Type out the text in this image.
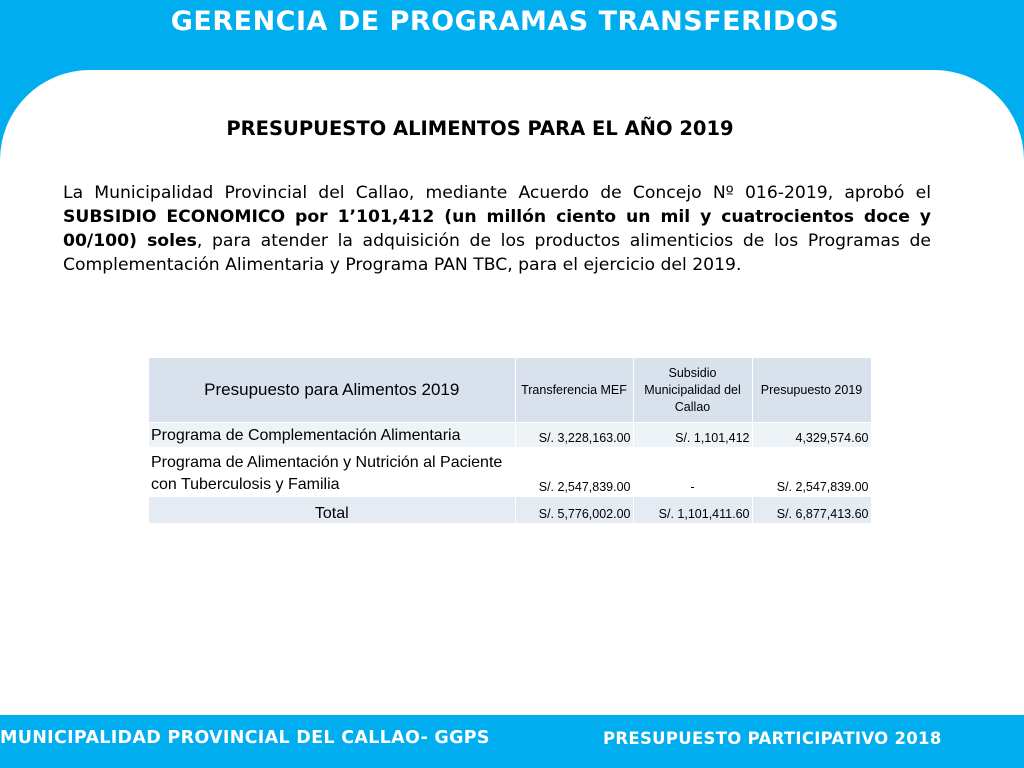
GERENCIA DE PROGRAMAS TRANSFERIDOS
PRESUPUESTO ALIMENTOS PARA EL AÑO 2019
La Municipalidad Provincial del Callao, mediante Acuerdo de Concejo Nº 016-2019, aprobó el SUBSIDIO ECONOMICO por 1’101,412 (un millón ciento un mil y cuatrocientos doce y 00/100) soles, para atender la adquisición de los productos alimenticios de los Programas de Complementación Alimentaria y Programa PAN TBC, para el ejercicio del 2019.
Presupuesto para Alimentos 2019	Transferencia MEF	Subsidio Municipalidad del Callao	Presupuesto 2019
Programa de Complementación Alimentaria	S/. 3,228,163.00	S/. 1,101,412	4,329,574.60
Programa de Alimentación y Nutrición al Paciente con Tuberculosis y Familia	S/. 2,547,839.00	-	S/. 2,547,839.00
Total	S/. 5,776,002.00	S/. 1,101,411.60	S/. 6,877,413.60
MUNICIPALIDAD PROVINCIAL DEL CALLAO- GGPS	PRESUPUESTO PARTICIPATIVO 2018
